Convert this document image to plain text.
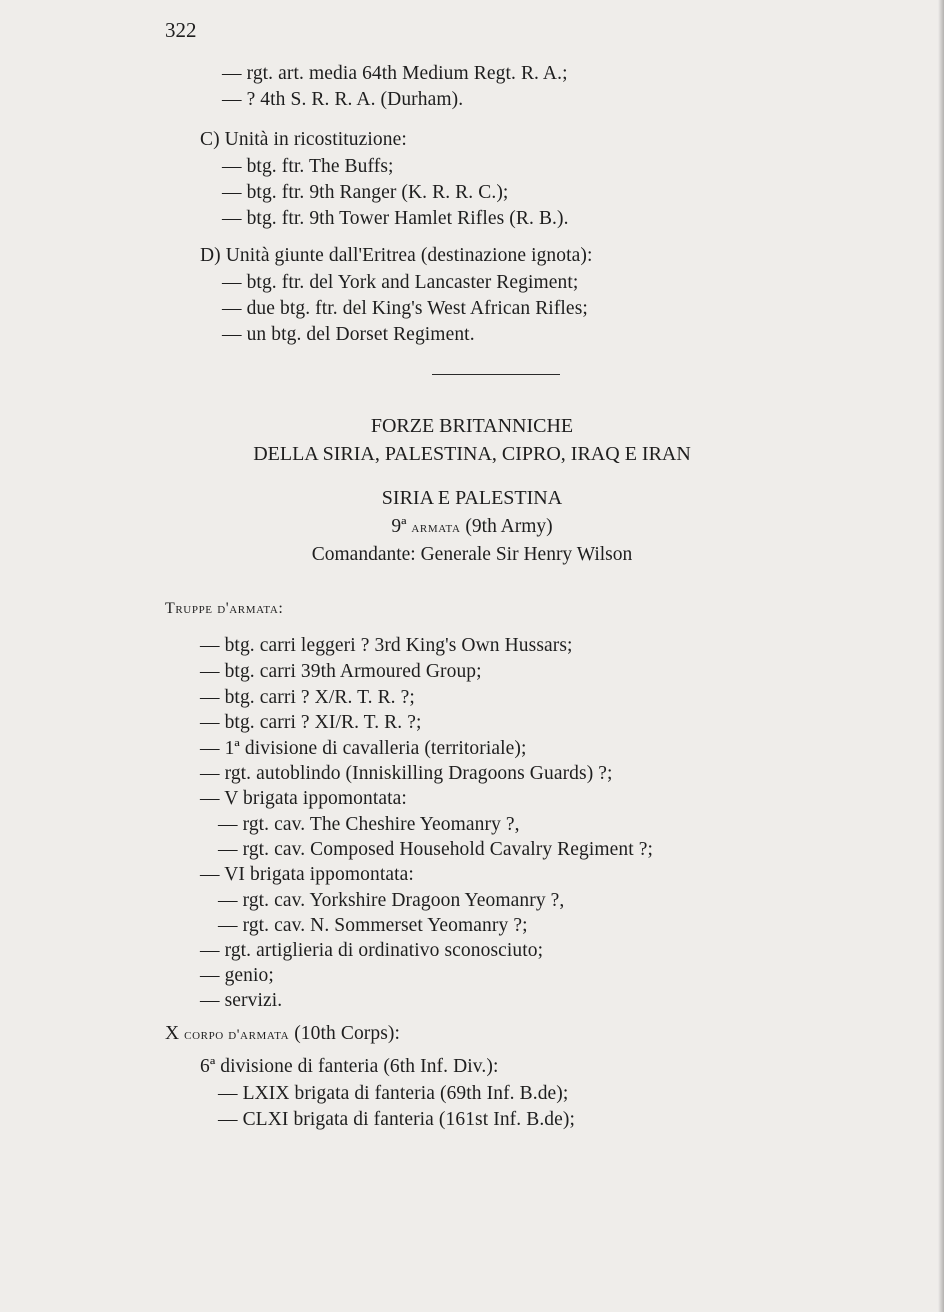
322
— rgt. art. media 64th Medium Regt. R. A.;
— ? 4th S. R. R. A. (Durham).
C) Unità in ricostituzione:
— btg. ftr. The Buffs;
— btg. ftr. 9th Ranger (K. R. R. C.);
— btg. ftr. 9th Tower Hamlet Rifles (R. B.).
D) Unità giunte dall'Eritrea (destinazione ignota):
— btg. ftr. del York and Lancaster Regiment;
— due btg. ftr. del King's West African Rifles;
— un btg. del Dorset Regiment.
FORZE BRITANNICHE
DELLA SIRIA, PALESTINA, CIPRO, IRAQ E IRAN
SIRIA E PALESTINA
9ª armata (9th Army)
Comandante: Generale Sir Henry Wilson
Truppe d'armata:
— btg. carri leggeri ? 3rd King's Own Hussars;
— btg. carri 39th Armoured Group;
— btg. carri ? X/R. T. R. ?;
— btg. carri ? XI/R. T. R. ?;
— 1ª divisione di cavalleria (territoriale);
— rgt. autoblindo (Inniskilling Dragoons Guards) ?;
— V brigata ippomontata:
— rgt. cav. The Cheshire Yeomanry ?,
— rgt. cav. Composed Household Cavalry Regiment ?;
— VI brigata ippomontata:
— rgt. cav. Yorkshire Dragoon Yeomanry ?,
— rgt. cav. N. Sommerset Yeomanry ?;
— rgt. artiglieria di ordinativo sconosciuto;
— genio;
— servizi.
X corpo d'armata (10th Corps):
6ª divisione di fanteria (6th Inf. Div.):
— LXIX brigata di fanteria (69th Inf. B.de);
— CLXI brigata di fanteria (161st Inf. B.de);
